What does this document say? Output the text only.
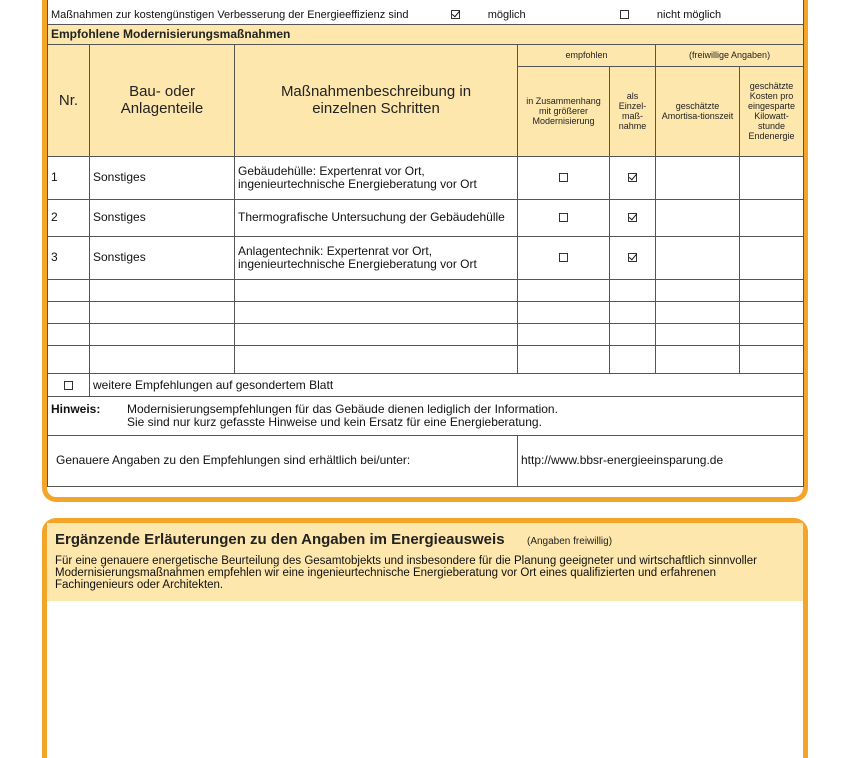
Maßnahmen zur kostengünstigen Verbesserung der Energieeffizienz sind möglich nicht möglich						
Empfohlene Modernisierungsmaßnahmen						
Nr.	Bau- oder Anlagenteile	Maßnahmenbeschreibung in einzelnen Schritten	empfohlen		(freiwillige Angaben)	
			in Zusammenhang mit größerer Modernisierung	als Einzel-maß-nahme	geschätzte Amortisa-tionszeit	geschätzte Kosten pro eingesparte Kilowatt-stunde Endenergie
1	Sonstiges	Gebäudehülle: Expertenrat vor Ort, ingenieurtechnische Energieberatung vor Ort				
2	Sonstiges	Thermografische Untersuchung der Gebäudehülle				
3	Sonstiges	Anlagentechnik: Expertenrat vor Ort, ingenieurtechnische Energieberatung vor Ort				

	weitere Empfehlungen auf gesondertem Blatt					

Hinweis: Modernisierungsempfehlungen für das Gebäude dienen lediglich der Information.
Sie sind nur kurz gefasste Hinweise und kein Ersatz für eine Energieberatung.						

Genauere Angaben zu den Empfehlungen sind erhältlich bei/unter:			http://www.bbsr-energieeinsparung.de			
Ergänzende Erläuterungen zu den Angaben im Energieausweis (Angaben freiwillig)
Für eine genauere energetische Beurteilung des Gesamtobjekts und insbesondere für die Planung geeigneter und wirtschaftlich sinnvoller Modernisierungsmaßnahmen empfehlen wir eine ingenieurtechnische Energieberatung vor Ort eines qualifizierten und erfahrenen Fachingenieurs oder Architekten.
